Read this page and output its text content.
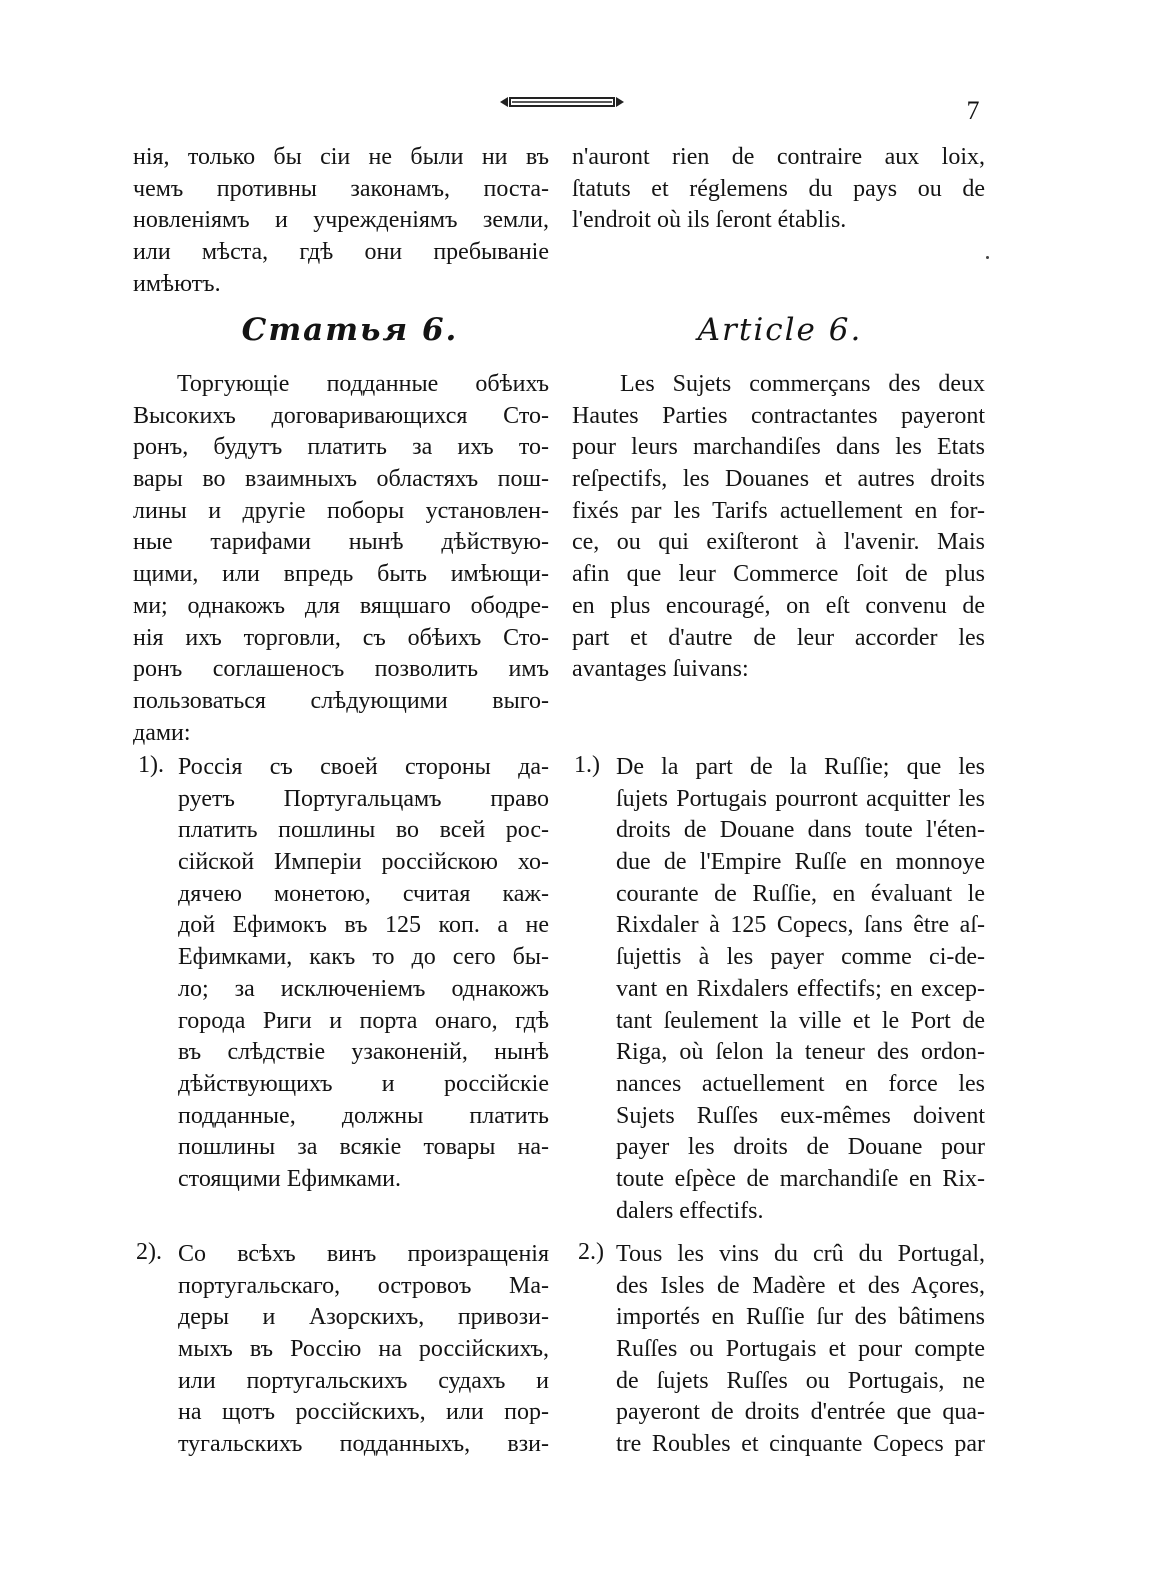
7
нія, только бы сіи не были ни въ
чемъ противны законамъ, поста-
новленіямъ и учрежденіямъ земли,
или мѣста, гдѣ они пребываніе
имѣютъ.
Статья 6.
Торгующіе подданные обѣихъ
Высокихъ договаривающихся Сто-
ронъ, будутъ платить за ихъ то-
вары во взаимныхъ областяхъ пош-
лины и другіе поборы установлен-
ные тарифами нынѣ дѣйствую-
щими, или впредь быть имѣющи-
ми; однакожъ для вящшаго ободре-
нія ихъ торговли, съ обѣихъ Сто-
ронъ соглашеносъ позволить имъ
пользоваться слѣдующими выго-
дами:
1). Россія съ своей стороны да-
руетъ Португальцамъ право
платить пошлины во всей рос-
сійской Имперіи россійскою хо-
дячею монетою, считая каж-
дой Ефимокъ въ 125 коп. а не
Ефимками, какъ то до сего бы-
ло; за исключеніемъ однакожъ
города Риги и порта онаго, гдѣ
въ слѣдствіе узаконеній, нынѣ
дѣйствующихъ и россійскіе
подданные, должны платить
пошлины за всякіе товары на-
стоящими Ефимками.
2). Со всѣхъ винъ произращенія
португальскаго, островоъ Ма-
деры и Азорскихъ, привози-
мыхъ въ Россію на россійскихъ,
или португальскихъ судахъ и
на щотъ россійскихъ, или пор-
тугальскихъ подданныхъ, взи-
n'auront rien de contraire aux loix,
ſtatuts et réglemens du pays ou de
l'endroit où ils ſeront établis.
Article 6.
Les Sujets commerçans des deux
Hautes Parties contractantes payeront
pour leurs marchandiſes dans les Etats
reſpectifs, les Douanes et autres droits
fixés par les Tarifs actuellement en for-
ce, ou qui exiſteront à l'avenir. Mais
afin que leur Commerce ſoit de plus
en plus encouragé, on eſt convenu de
part et d'autre de leur accorder les
avantages ſuivans:
1.) De la part de la Ruſſie; que les
ſujets Portugais pourront acquitter les
droits de Douane dans toute l'éten-
due de l'Empire Ruſſe en monnoye
courante de Ruſſie, en évaluant le
Rixdaler à 125 Copecs, ſans être aſ-
ſujettis à les payer comme ci-de-
vant en Rixdalers effectifs; en excep-
tant ſeulement la ville et le Port de
Riga, où ſelon la teneur des ordon-
nances actuellement en force les
Sujets Ruſſes eux-mêmes doivent
payer les droits de Douane pour
toute eſpèce de marchandiſe en Rix-
dalers effectifs.
2.) Tous les vins du crû du Portugal,
des Isles de Madère et des Açores,
importés en Ruſſie ſur des bâtimens
Ruſſes ou Portugais et pour compte
de ſujets Ruſſes ou Portugais, ne
payeront de droits d'entrée que qua-
tre Roubles et cinquante Copecs par
